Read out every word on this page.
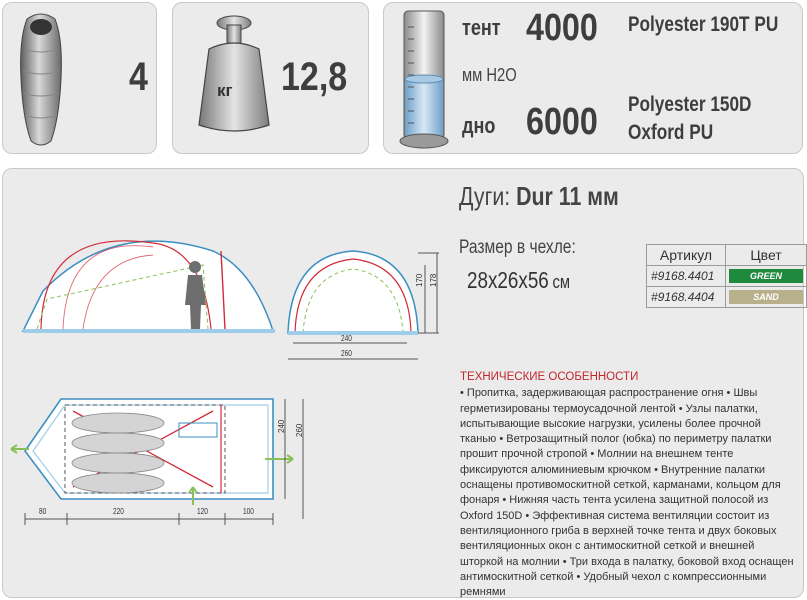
4	кг 12,8
тент 4000 Polyester 190T PU
мм H2O
дно 6000 Polyester 150D Oxford PU
170 178
240
260
240 260
80	220	120	100
Дуги: Dur 11 мм
Размер в чехле:
28x26x56 см
Артикул	Цвет
#9168.4401	GREEN

#9168.4404	SAND
ТЕХНИЧЕСКИЕ ОСОБЕННОСТИ
• Пропитка, задерживающая распространение огня • Швы герметизированы термоусадочной лентой • Узлы палатки, испытывающие высокие нагрузки, усилены более прочной тканью • Ветрозащитный полог (юбка) по периметру палатки прошит прочной стропой • Молнии на внешнем тенте фиксируются алюминиевым крючком • Внутренние палатки оснащены противомоскитной сеткой, карманами, кольцом для фонаря • Нижняя часть тента усилена защитной полосой из Oxford 150D • Эффективная система вентиляции состоит из вентиляционного грибa в верхней точке тента и двух боковых вентиляционных окон с антимоскитной сеткой и внешней шторкой на молнии • Три входа в палатку, боковой вход оснащен антимоскитной сеткой • Удобный чехол с компрессионными ремнями
